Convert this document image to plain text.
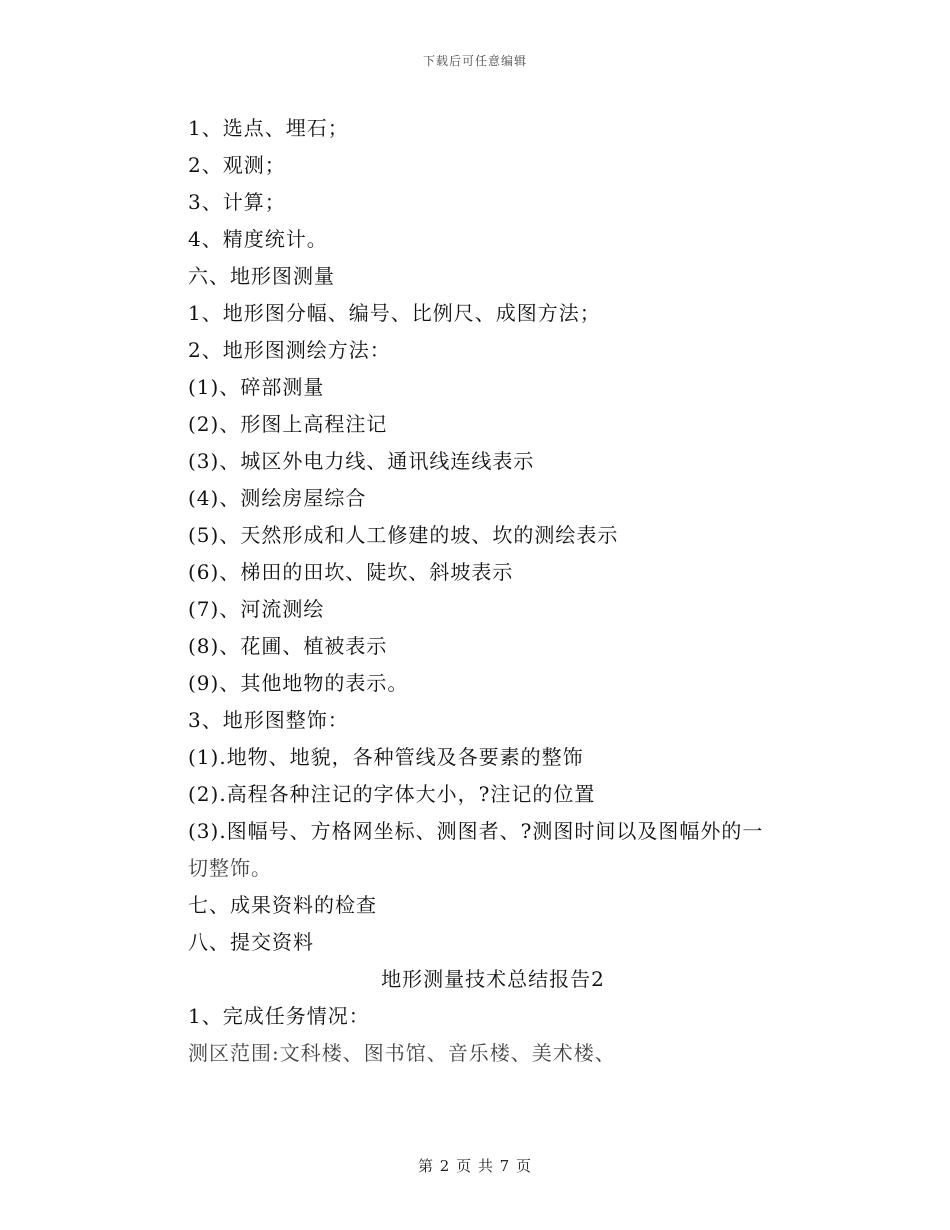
下载后可任意编辑
1、选点、埋石；
2、观测；
3、计算；
4、精度统计。
六、地形图测量
1、地形图分幅、编号、比例尺、成图方法；
2、地形图测绘方法：
(1)、碎部测量
(2)、形图上高程注记
(3)、城区外电力线、通讯线连线表示
(4)、测绘房屋综合
(5)、天然形成和人工修建的坡、坎的测绘表示
(6)、梯田的田坎、陡坎、斜坡表示
(7)、河流测绘
(8)、花圃、植被表示
(9)、其他地物的表示。
3、地形图整饰：
(1).地物、地貌，各种管线及各要素的整饰
(2).高程各种注记的字体大小，?注记的位置
(3).图幅号、方格网坐标、测图者、?测图时间以及图幅外的一
切整饰。
七、成果资料的检查
八、提交资料
地形测量技术总结报告2
1、完成任务情况：
测区范围:文科楼、图书馆、音乐楼、美术楼、
第 2 页 共 7 页
